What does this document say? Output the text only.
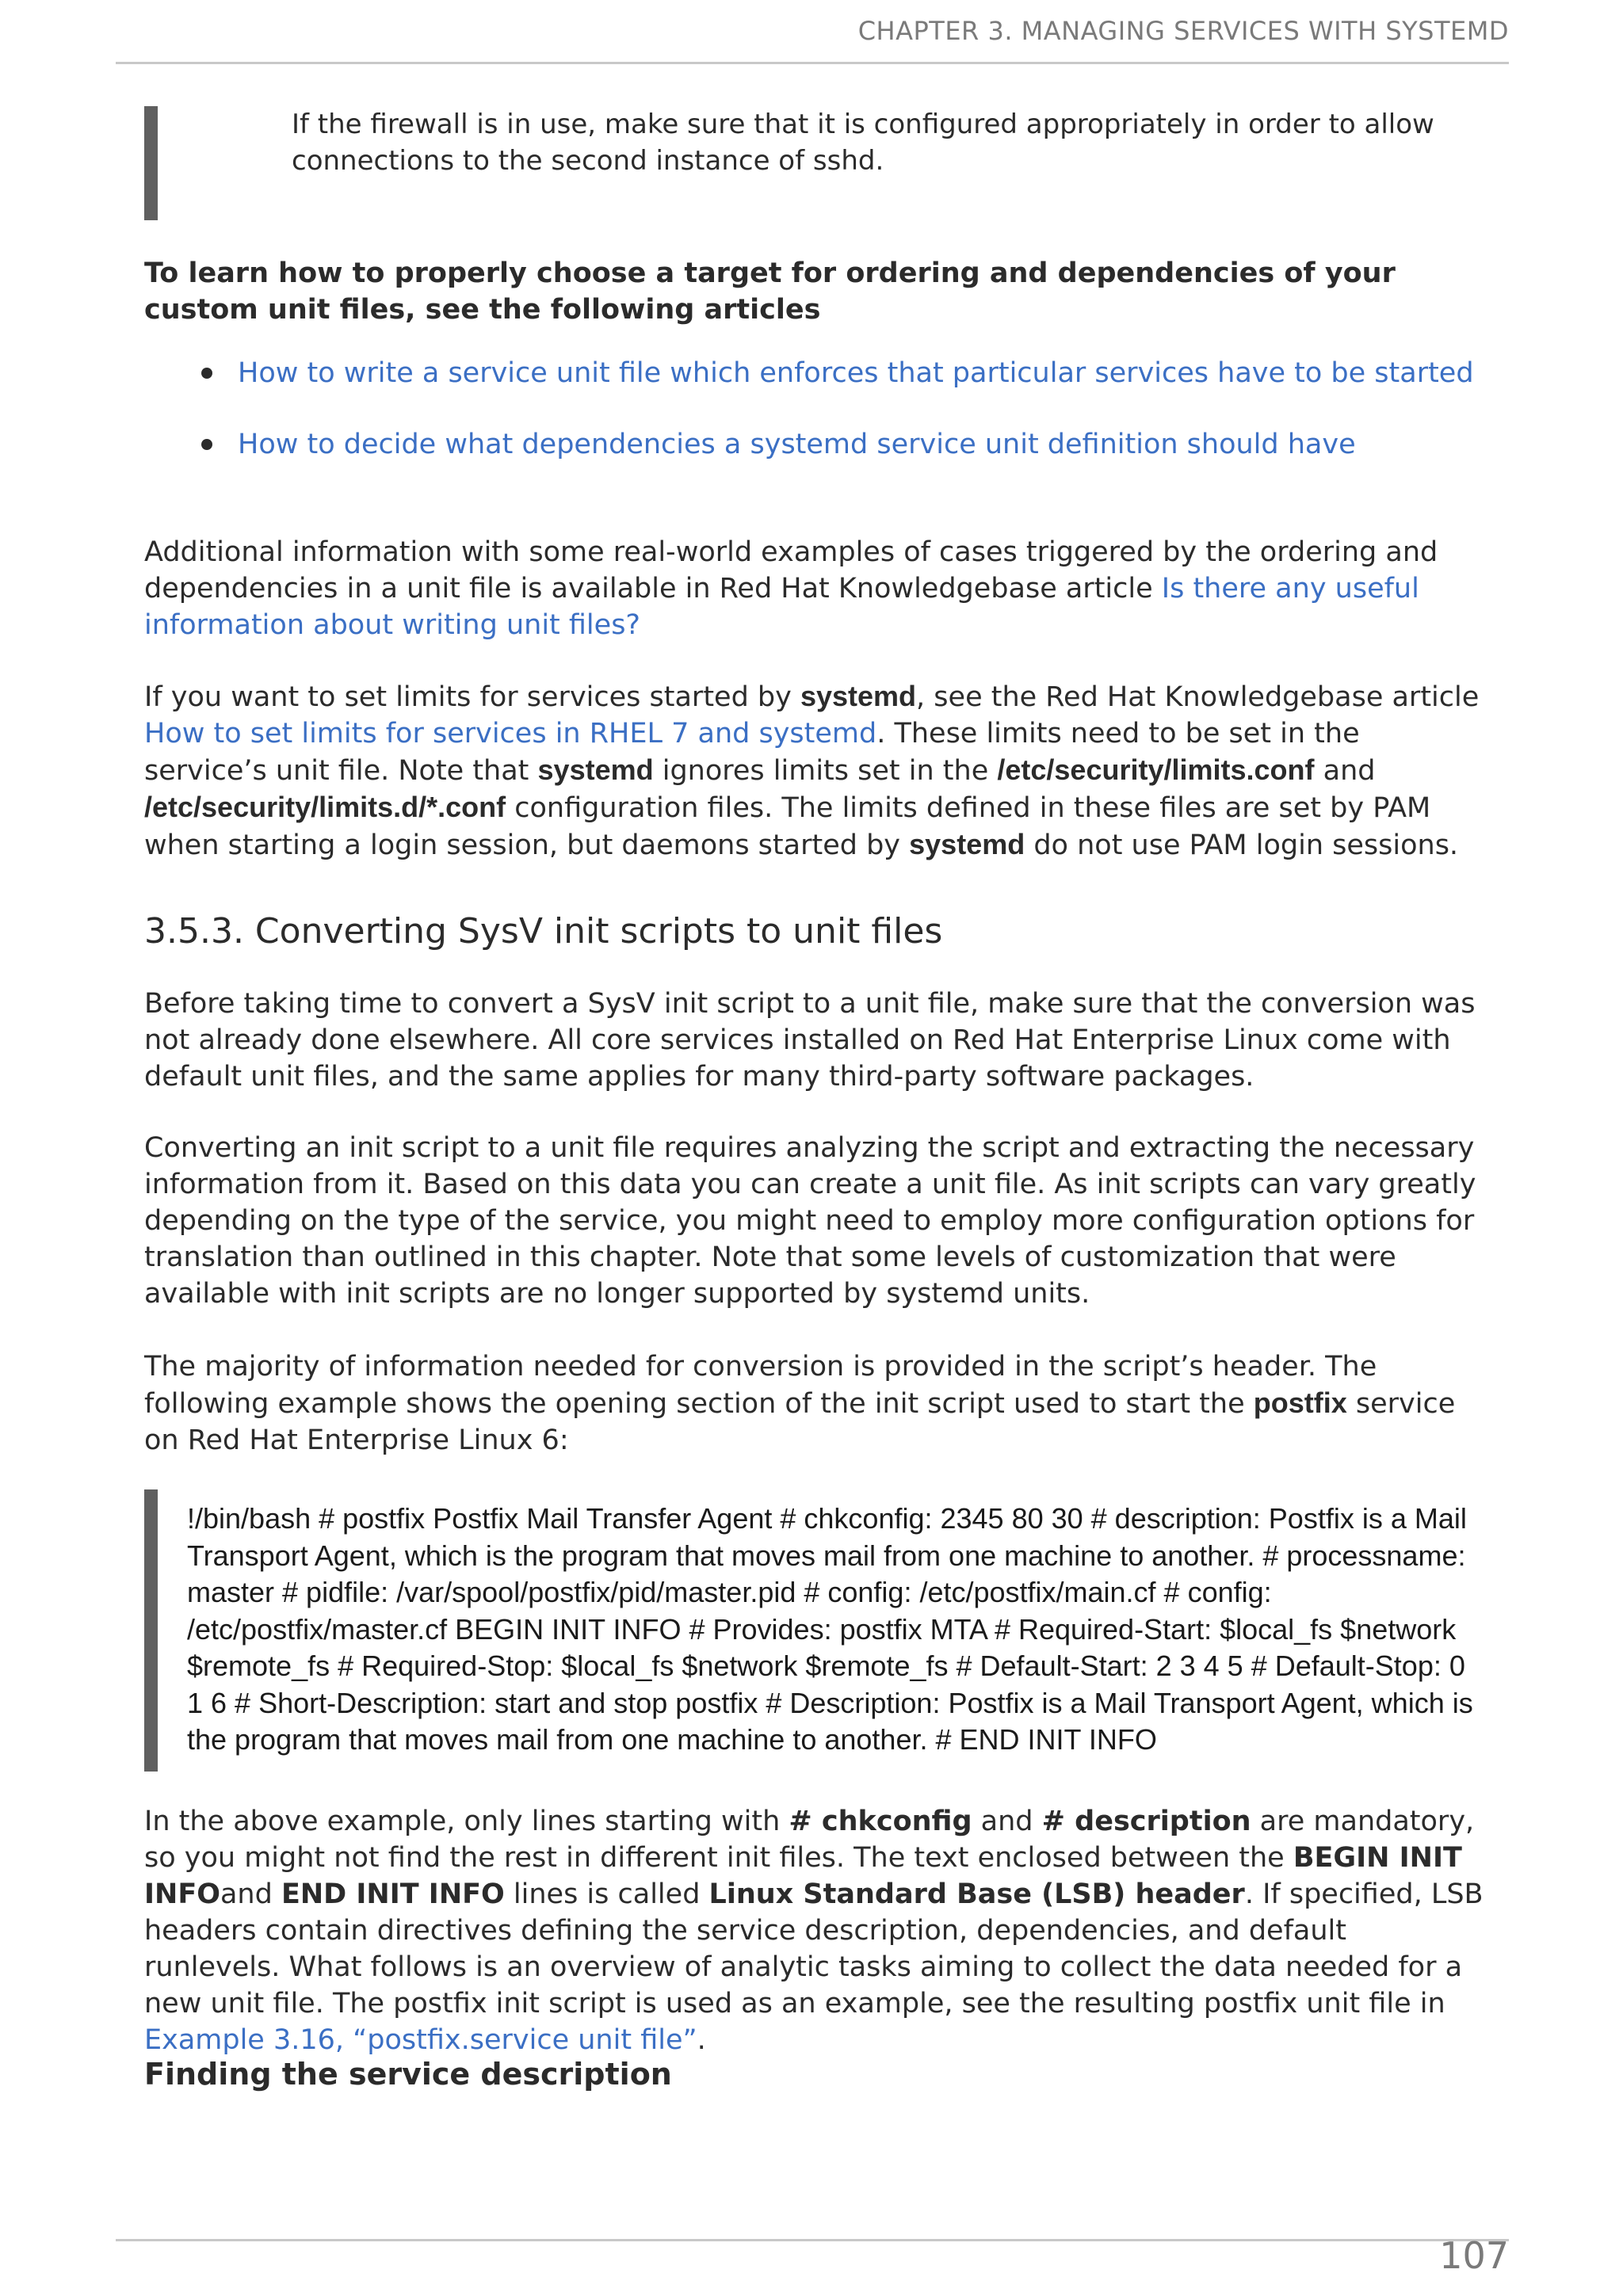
CHAPTER 3. MANAGING SERVICES WITH SYSTEMD

If the firewall is in use, make sure that it is configured appropriately in order to allow connections to the second instance of sshd.

To learn how to properly choose a target for ordering and dependencies of your custom unit files, see the following articles
How to write a service unit file which enforces that particular services have to be started
How to decide what dependencies a systemd service unit definition should have

Additional information with some real-world examples of cases triggered by the ordering and dependencies in a unit file is available in Red Hat Knowledgebase article Is there any useful information about writing unit files?

If you want to set limits for services started by systemd, see the Red Hat Knowledgebase article How to set limits for services in RHEL 7 and systemd. These limits need to be set in the service’s unit file. Note that systemd ignores limits set in the /etc/security/limits.conf and /etc/security/limits.d/*.conf configuration files. The limits defined in these files are set by PAM when starting a login session, but daemons started by systemd do not use PAM login sessions.

3.5.3. Converting SysV init scripts to unit files
Before taking time to convert a SysV init script to a unit file, make sure that the conversion was not already done elsewhere. All core services installed on Red Hat Enterprise Linux come with default unit files, and the same applies for many third-party software packages.
Converting an init script to a unit file requires analyzing the script and extracting the necessary information from it. Based on this data you can create a unit file. As init scripts can vary greatly depending on the type of the service, you might need to employ more configuration options for translation than outlined in this chapter. Note that some levels of customization that were available with init scripts are no longer supported by systemd units.

The majority of information needed for conversion is provided in the script’s header. The following example shows the opening section of the init script used to start the postfix service on Red Hat Enterprise Linux 6:

!/bin/bash # postfix Postfix Mail Transfer Agent # chkconfig: 2345 80 30 # description: Postfix is a Mail Transport Agent, which is the program that moves mail from one machine to another. # processname: master # pidfile: /var/spool/postfix/pid/master.pid # config: /etc/postfix/main.cf # config: /etc/postfix/master.cf BEGIN INIT INFO # Provides: postfix MTA # Required-Start: $local_fs $network $remote_fs # Required-Stop: $local_fs $network $remote_fs # Default-Start: 2 3 4 5 # Default-Stop: 0 1 6 # Short-Description: start and stop postfix # Description: Postfix is a Mail Transport Agent, which is the program that moves mail from one machine to another. # END INIT INFO

In the above example, only lines starting with # chkconfig and # description are mandatory, so you might not find the rest in different init files. The text enclosed between the BEGIN INIT INFOand END INIT INFO lines is called Linux Standard Base (LSB) header. If specified, LSB headers contain directives defining the service description, dependencies, and default runlevels. What follows is an overview of analytic tasks aiming to collect the data needed for a new unit file. The postfix init script is used as an example, see the resulting postfix unit file in Example 3.16, “postfix.service unit file”.

Finding the service description
107
